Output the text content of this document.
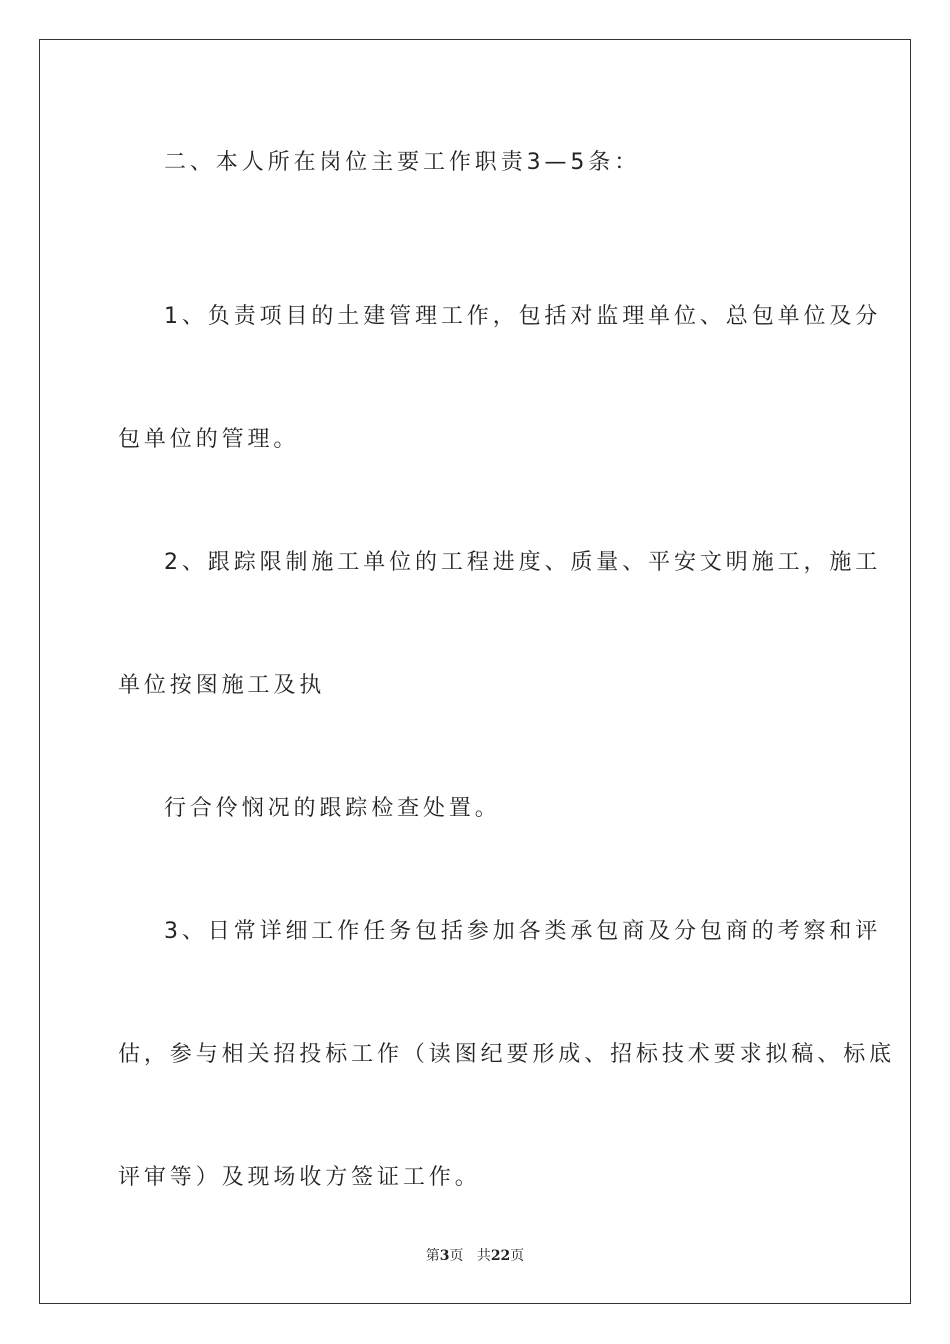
二、本人所在岗位主要工作职责3—5条：
1、负责项目的土建管理工作，包括对监理单位、总包单位及分
包单位的管理。
2、跟踪限制施工单位的工程进度、质量、平安文明施工，施工
单位按图施工及执
行合伶悯况的跟踪检查处置。
3、日常详细工作任务包括参加各类承包商及分包商的考察和评
估，参与相关招投标工作（读图纪要形成、招标技术要求拟稿、标底
评审等）及现场收方签证工作。
第3页 共22页
